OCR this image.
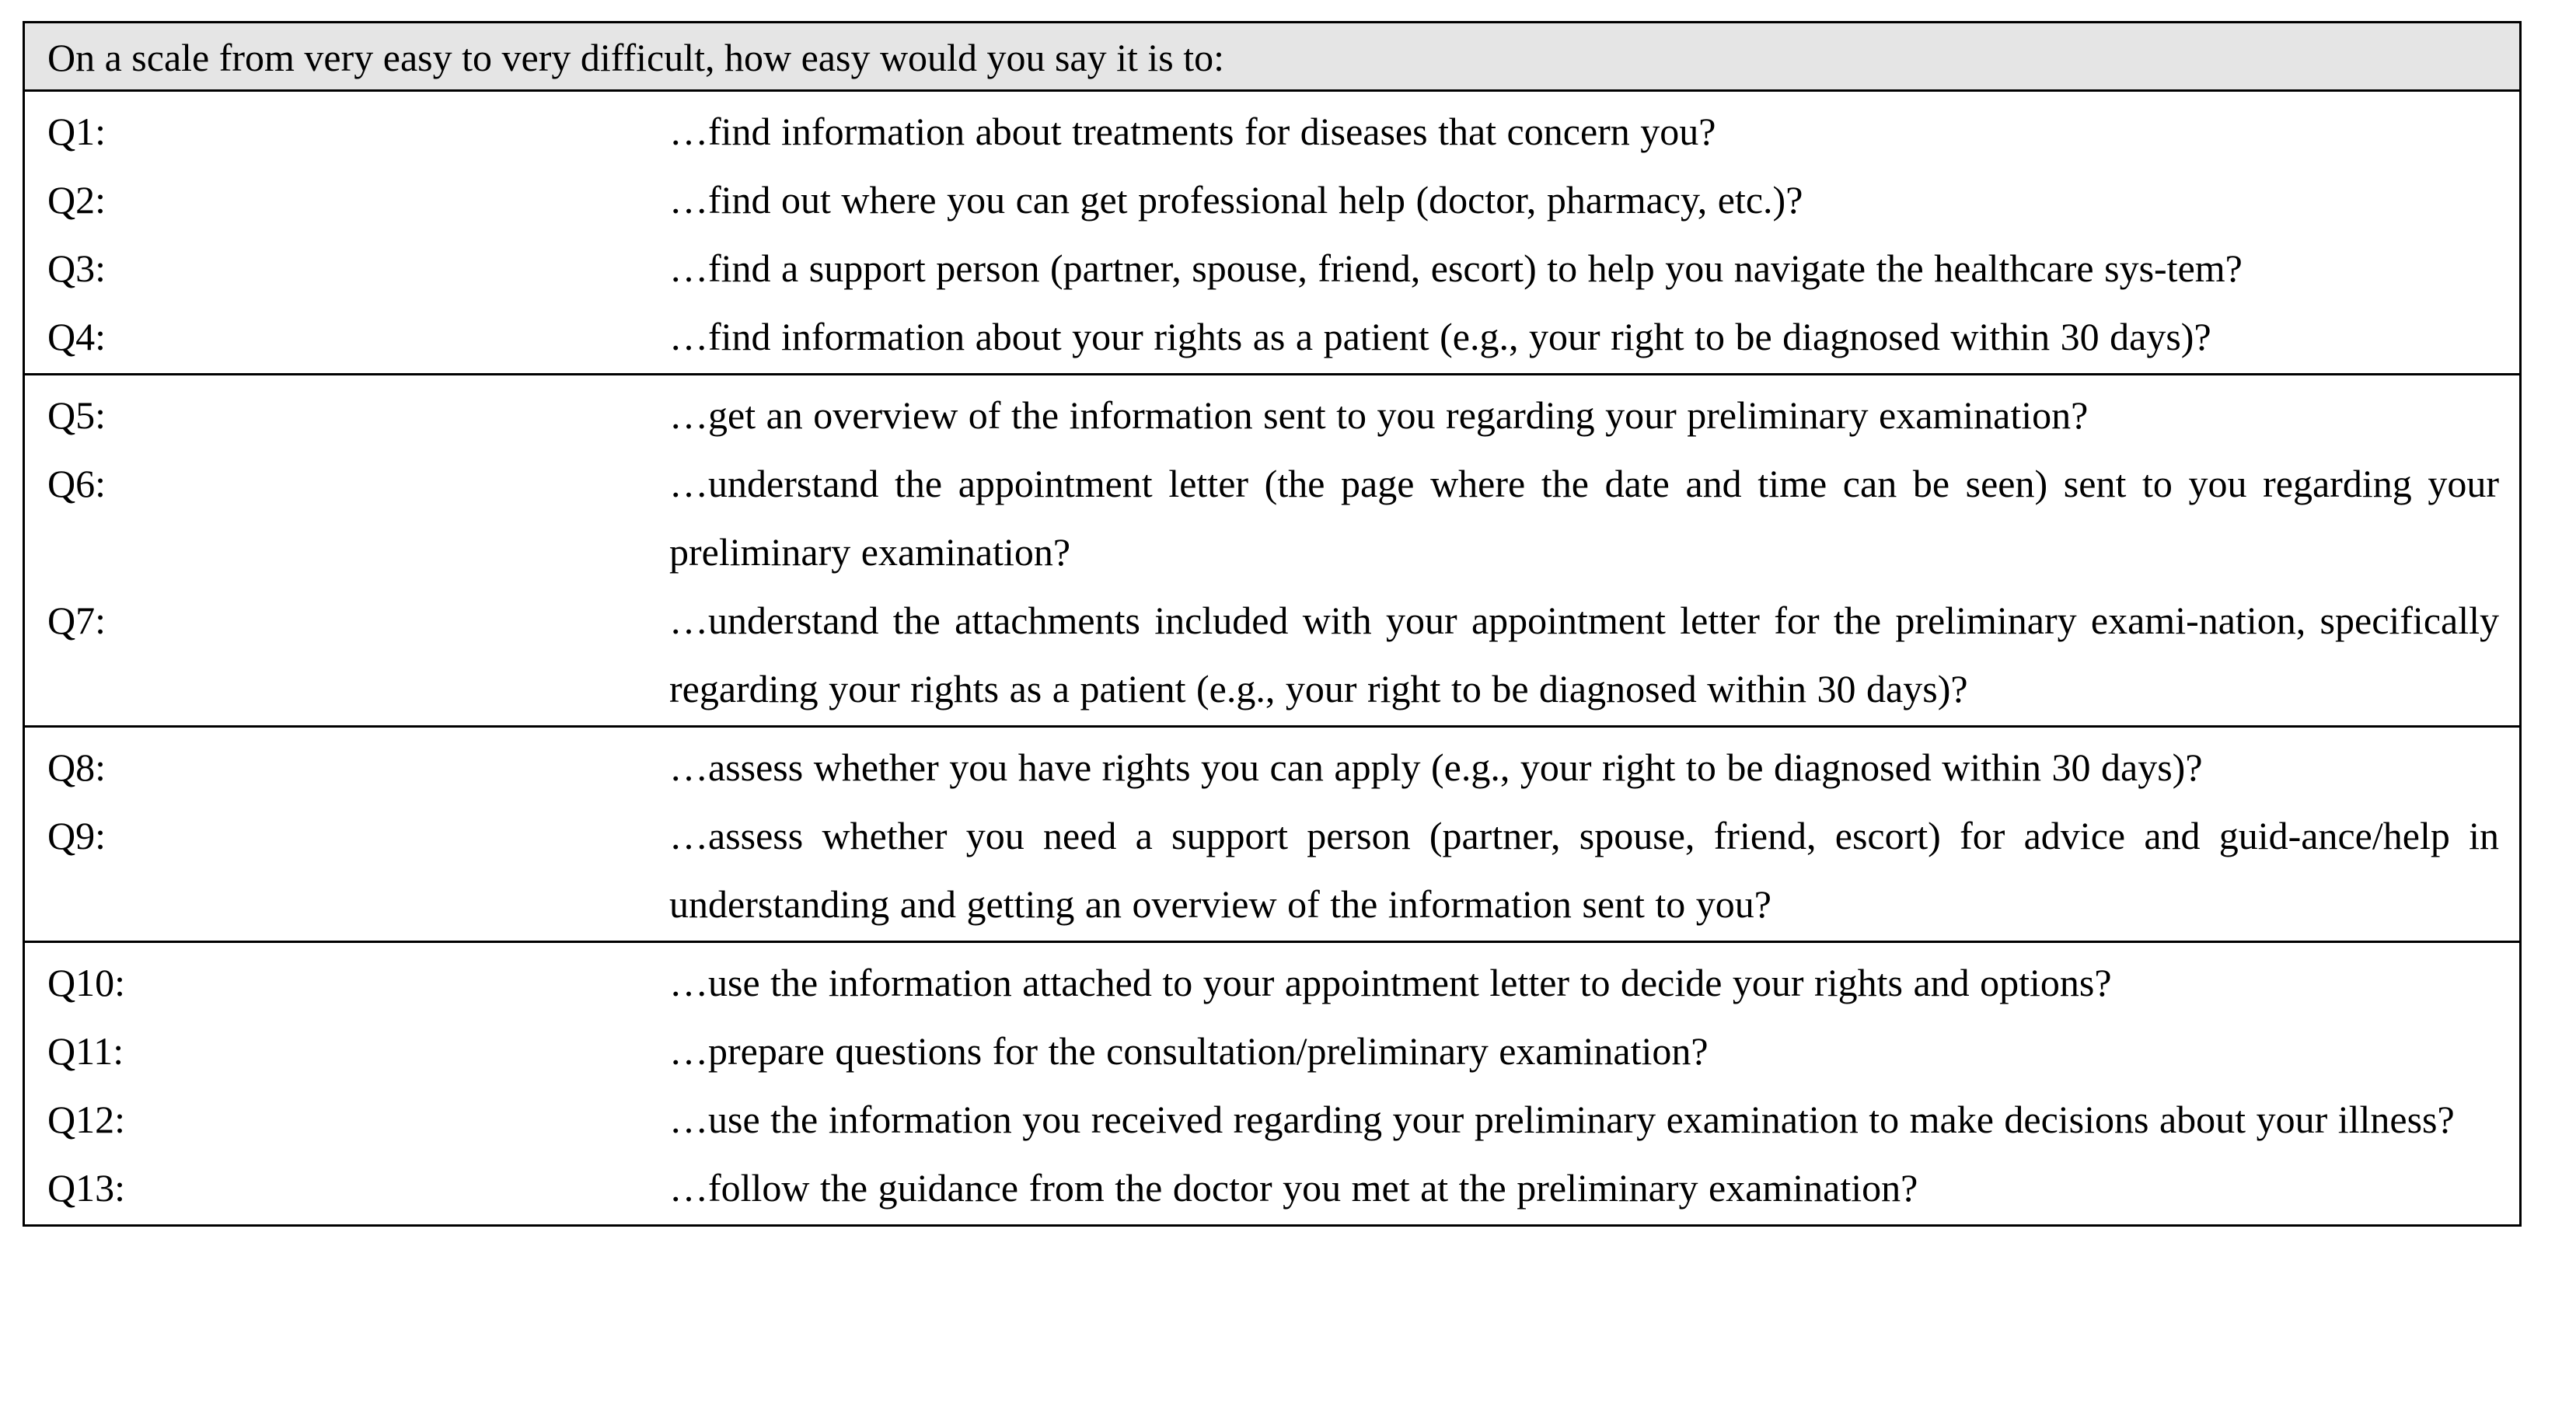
On a scale from very easy to very difficult, how easy would you say it is to:
Q1:	…find information about treatments for diseases that concern you?
Q2:	…find out where you can get professional help (doctor, pharmacy, etc.)?
Q3:	…find a support person (partner, spouse, friend, escort) to help you navigate the healthcare sys-tem?
Q4:	…find information about your rights as a patient (e.g., your right to be diagnosed within 30 days)?
Q5:	…get an overview of the information sent to you regarding your preliminary examination?
Q6:	…understand the appointment letter (the page where the date and time can be seen) sent to you regarding your preliminary examination?
Q7:	…understand the attachments included with your appointment letter for the preliminary exami-nation, specifically regarding your rights as a patient (e.g., your right to be diagnosed within 30 days)?
Q8:	…assess whether you have rights you can apply (e.g., your right to be diagnosed within 30 days)?
Q9:	…assess whether you need a support person (partner, spouse, friend, escort) for advice and guid-ance/help in understanding and getting an overview of the information sent to you?
Q10:	…use the information attached to your appointment letter to decide your rights and options?
Q11:	…prepare questions for the consultation/preliminary examination?
Q12:	…use the information you received regarding your preliminary examination to make decisions about your illness?
Q13:	…follow the guidance from the doctor you met at the preliminary examination?
